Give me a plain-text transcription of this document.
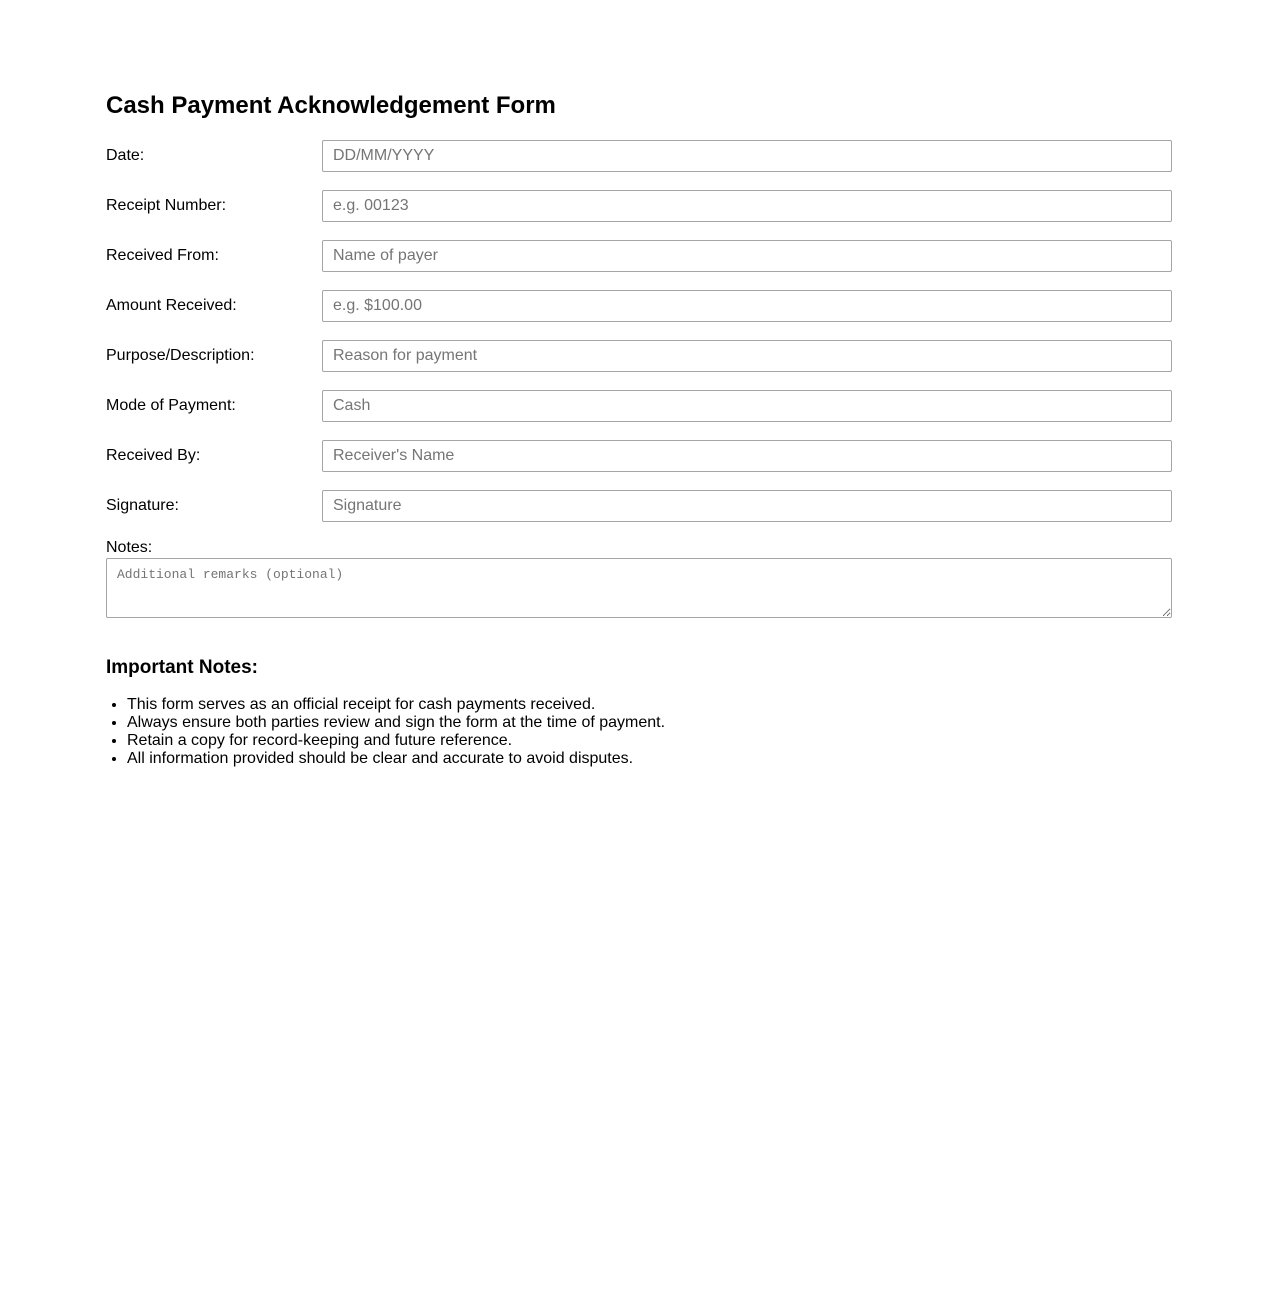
Cash Payment Acknowledgement Form
Date:
DD/MM/YYYY
Receipt Number:
e.g. 00123
Received From:
Name of payer
Amount Received:
e.g. $100.00
Purpose/Description:
Reason for payment
Mode of Payment:
Cash
Received By:
Receiver's Name
Signature:
Signature
Notes:
Additional remarks (optional)
Important Notes:
• This form serves as an official receipt for cash payments received.
• Always ensure both parties review and sign the form at the time of payment.
• Retain a copy for record-keeping and future reference.
• All information provided should be clear and accurate to avoid disputes.
